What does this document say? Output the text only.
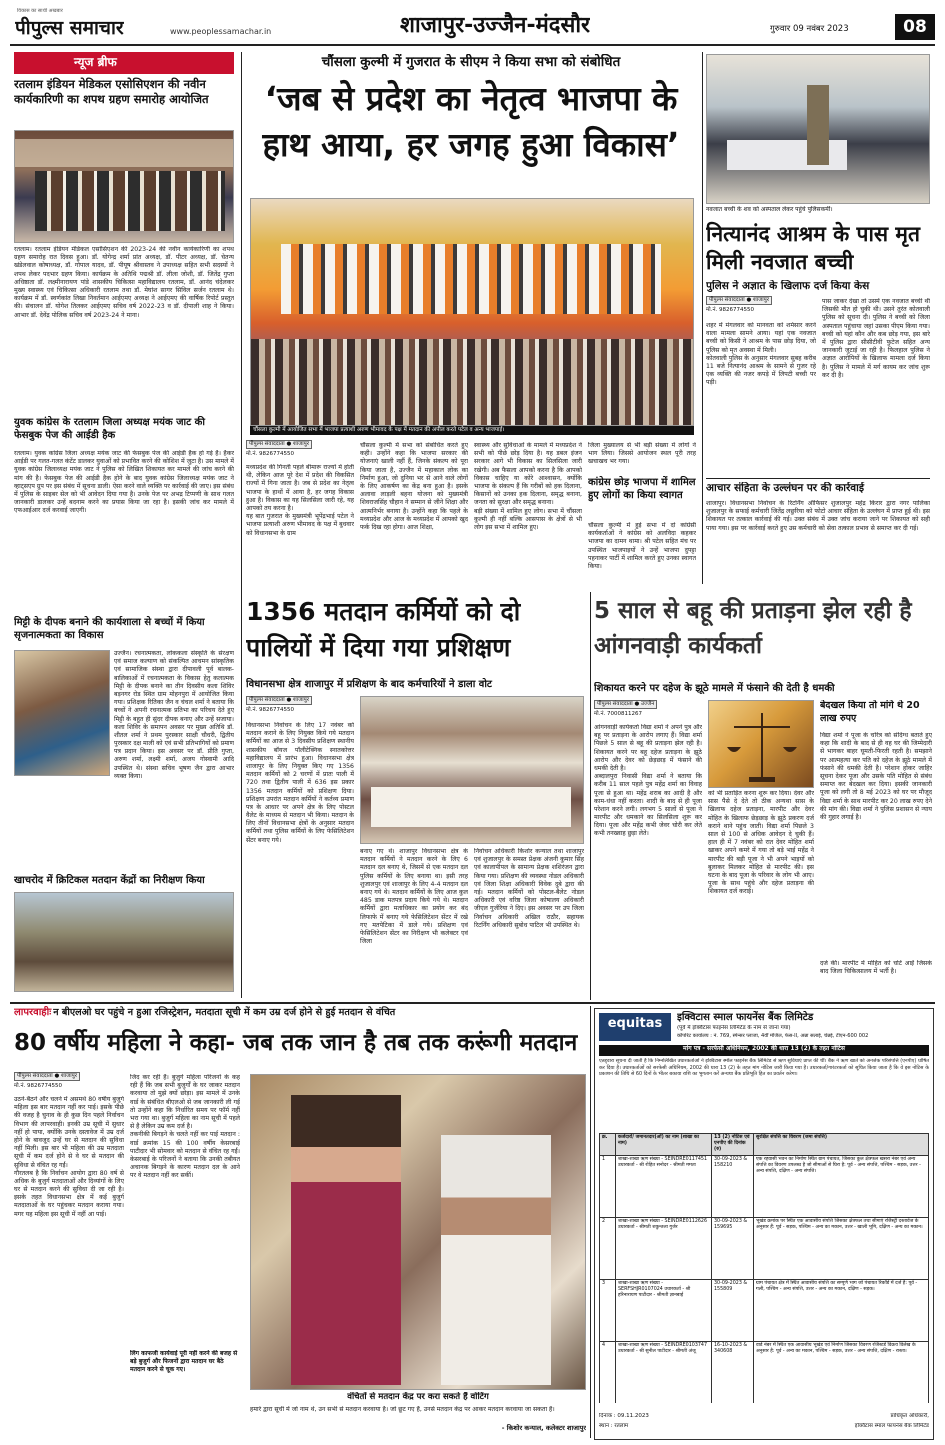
पीपुल्स समाचार
विकास का साथी अखबार
www.peoplessamachar.in	शाजापुर-उज्जैन-मंदसौर	गुरुवार 09 नवंबर 2023	08
न्यूज ब्रीफ
रतलाम इंडियन मेडिकल एसोसिएशन की नवीन कार्यकारिणी का शपथ ग्रहण समारोह आयोजित
रतलाम। रतलाम इंडियन मेडिकल एसोसिएशन की 2023-24 की नवीन कार्यकारिणी का शपथ ग्रहण समारोह रात दिवस हुआ। डॉ. योगेन्द्र शर्मा प्रांत अध्यक्ष, डॉ. पीटर अध्यक्ष, डॉ. चेतन्य खंडेलवाल कोषाध्यक्ष, डॉ. गोपाल यादव, डॉ. पीयूष श्रीवास्तव ने उपाध्यक्ष सहित सभी सदस्यों ने शपथ लेकर पदभार ग्रहण किया। कार्यक्रम के अतिथि पद्मश्री डॉ. लीला जोशी, डॉ. जितेंद्र गुप्ता अधिष्ठाता डॉ. लक्ष्मीनारायण पांडे शासकीय चिकित्सा महाविद्यालय रतलाम, डॉ. आनंद चंदेलकर मुख्य स्वास्थ्य एवं चिकित्सा अधिकारी रतलाम तथा डॉ. मेघांश सागर सिविल सर्जन रतलाम थे। कार्यक्रम में डॉ. स्वर्णकांत लिखा निवर्तमान आईएमए अध्यक्ष ने आईएमए की वार्षिक रिपोर्ट प्रस्तुत की। संचालन डॉ. योगेश तिलकर आईएमए सचिव वर्ष 2022-23 व डॉ. दीपाली शाह ने किया। आभार डॉ. देवेंद्र पोलिक सचिव वर्ष 2023-24 ने माना।
युवक कांग्रेस के रतलाम जिला अध्यक्ष मयंक जाट की फेसबुक पेज की आईडी हैक
रतलाम। युवक कांग्रेस जिला अध्यक्ष मयंक जाट की फेसबुक पेज की आईडी हैक हो गई है। हैकर आईडी पर गलत-गलत कंटेंट डालकर युवाओं को प्रभावित करने की कोशिश में जुटा है। उस मामले में युवक कांग्रेस जिलाध्यक्ष मयंक जाट ने पुलिस को लिखित शिकायत कर मामले की जांच करने की मांग की है। फेसबुक पेज की आईडी हैक होने के बाद युवक कांग्रेस जिलाध्यक्ष मयंक जाट ने व्हाट्सएप ग्रुप पर इस संबंध में सूचना डाली। ऐसा करने वाले व्यक्ति पर कार्रवाई की जाए। इस संबंध में पुलिस के साइबर सेल को भी आवेदन दिया गया है। उनके पेज पर अभद्र टिप्पणी के साथ गलत जानकारी डालकर उन्हें बदनाम करने का प्रयास किया जा रहा है। इसकी जांच कर मामले में एफआईआर दर्ज करवाई जाएगी।
मिट्टी के दीपक बनाने की कार्यशाला से बच्चों में किया सृजनात्मकता का विकास
उज्जैन। रचनात्मकता, लोककला संस्कृति के संरक्षण एवं समाज कल्याण को संकल्पित आचमन सांस्कृतिक एवं सामाजिक संस्था द्वारा दीपावली पूर्व बालक-बालिकाओं में रचनात्मकता के विकास हेतु कलात्मक मिट्टी के दीपक बनाने का तीन दिवसीय कला शिविर बड़नगर रोड स्थित ग्राम मोहनपुरा में आयोजित किया गया। प्रशिक्षक रितिका जैन व चंचल शर्मा ने बताया कि बच्चों ने अपनी रचनात्मक प्रतिभा का परिचय देते हुए मिट्टी के बहुत ही सुंदर दीपक बनाए और उन्हें सजाया। कला शिविर के समापन अवसर पर मुख्य अतिथि डॉ. शीतल शर्मा ने प्रथम पुरस्कार साक्षी चौधरी, द्वितीय पुरस्कार दक्ष माली को एवं सभी प्रतिभागियों को प्रमाण पत्र प्रदान किया। इस अवसर पर डॉ. प्रीति गुप्ता, अरुण शर्मा, लक्ष्मी शर्मा, अजय गोस्वामी आदि उपस्थित थे। संस्था सचिव भूषण जैन द्वारा आभार व्यक्त किया।
खाचरोद में क्रिटिकल मतदान केंद्रों का निरीक्षण किया
चौंसला कुल्मी में गुजरात के सीएम ने किया सभा को संबोधित
‘जब से प्रदेश का नेतृत्व भाजपा के हाथ आया, हर जगह हुआ विकास’
चौंसला कुल्मी में आयोजित सभा में भाजपा प्रत्याशी अरुण भीमावद के पक्ष में मतदान की अपील करते पटेल व अन्य भाजपाई।
पीपुल्स संवाददाता ● शाजापुर
मो.नं. 9826774550
मध्यप्रदेश की गिनती पहले बीमारू राज्यों में होती थी, लेकिन आज पूरे देश में प्रदेश की विकसित राज्यों में गिना जाता है। जब से प्रदेश का नेतृत्व भाजपा के हाथों में आया है, हर जगह विकास हुआ है। विकास का यह सिलसिला जारी रहे, यह आपको तय करना है।
यह बात गुजरात के मुख्यमंत्री भूपेंद्रभाई पटेल ने भाजपा प्रत्याशी अरुण भीमावद के पक्ष में बुधवार को विधानसभा के ग्राम
चौंसला कुल्मी में सभा को संबोधित करते हुए कही। उन्होंने कहा कि भाजपा सरकार की योजनाएं खाली नहीं हैं, जिनके संकल्प को पूरा किया जाता है, उज्जैन में महाकाल लोक का निर्माण हुआ, जो दुनिया भर से आने वाले लोगों के लिए आकर्षण का केंद्र बना हुआ है। इसके अलावा लाड़ली बहना योजना को मुख्यमंत्री शिवराजसिंह चौहान ने सम्मान से जीने शिक्षा और आत्मनिर्भर बनाया है। उन्होंने कहा कि पहले के मध्यप्रदेश और आज के मध्यप्रदेश में आपको खुद फर्क दिख रहा होगा। आज शिक्षा,
स्वास्थ्य और सुविधाओं के मामले में मध्यप्रदेश ने सभी को पीछे छोड़ दिया है। यह डबल इंजन सरकार आगे भी विकास का सिलसिला जारी रखेगी। अब फैसला आपको करना है कि आपको विकास चाहिए या कोरे आश्वासन, क्योंकि भाजपा के संकल्प हैं कि गरीबों को हक दिलाना, किसानों को उनका हक दिलाना, समृद्ध बनाना, जनता को सुरक्षा और समृद्ध बनाना।
बड़ी संख्या में शामिल हुए लोग। सभा में चौंसला कुल्मी ही नहीं बल्कि आसपास के क्षेत्रों से भी लोग इस सभा में शामिल हुए।
जिला मुख्यालय से भी बड़ी संख्या में लोगों ने भाग लिया। जिससे आयोजन स्थल पूरी तरह खचाखच भर गया।
कांग्रेस छोड़ भाजपा में शामिल हुए लोगों का किया स्वागत
चौंसला कुल्मी में हुई सभा में दो कांग्रेसी कार्यकर्ताओं ने कांग्रेस को अलविदा कहकर भाजपा का दामन थामा। श्री पटेल सहित मंच पर उपस्थित भाजपाइयों ने उन्हें भाजपा दुपट्टा पहनाकर पार्टी में शामिल करते हुए उनका स्वागत किया।
नवजात बच्ची के शव को अस्पताल लेकर पहुंचे पुलिसकर्मी।
नित्यानंद आश्रम के पास मृत मिली नवजात बच्ची
पुलिस ने अज्ञात के खिलाफ दर्ज किया केस
पीपुल्स संवाददाता ● शाजापुर
मो.नं. 9826774550
शहर में मंगलवार को मानवता को शर्मसार करने वाला मामला सामने आया। यहां एक नवजात बच्ची को किसी ने आश्रम के पास छोड़ दिया, जो पुलिस को मृत अवस्था में मिली।
कोतवाली पुलिस के अनुसार मंगलवार सुबह करीब 11 बजे नित्यानंद आश्रम के सामने से गुजर रहे एक व्यक्ति की नजर कपड़े में लिपटी बच्ची पर पड़ी।
पास जाकर देखा तो उसमें एक नवजात बच्ची थी जिसकी मौत हो चुकी थी। उसने तुरंत कोतवाली पुलिस को सूचना दी। पुलिस ने बच्ची को जिला अस्पताल पहुंचाया जहां उसका पीएम किया गया। बच्ची को यहां कौन और कब छोड़ गया, इस बारे में पुलिस द्वारा सीसीटीवी फुटेज सहित अन्य जानकारी जुटाई जा रही है। फिलहाल पुलिस ने अज्ञात आरोपियों के खिलाफ मामला दर्ज किया है। पुलिस ने मामले में मर्ग कायम कर जांच शुरू कर दी है।
आचार संहिता के उल्लंघन पर की कार्रवाई
शाजापुर। विधानसभा निर्वाचन के रिटर्निंग ऑफिसर शुजालपुर महेंद्र किरार द्वारा नगर पालिका शुजालपुर के सफाई कर्मचारी जितेंद्र लछुरिया को फोटो आचार संहिता के उल्लंघन में प्राप्त हुई थी। इस शिकायत पर तत्काल कार्रवाई की गई। उक्त संबंध में उक्त जांच कराया जाने पर शिकायत को सही पाया गया। इस पर कार्रवाई करते हुए उस कर्मचारी को सेवा तत्काल प्रभाव से समाप्त कर दी गई।
1356 मतदान कर्मियों को दो पालियों में दिया गया प्रशिक्षण
विधानसभा क्षेत्र शाजापुर में प्रशिक्षण के बाद कर्मचारियों ने डाला वोट
पीपुल्स संवाददाता ● शाजापुर
मो.नं. 9826774550
विधानसभा निर्वाचन के लिए 17 नवंबर को मतदान कराने के लिए नियुक्त किये गये मतदान कर्मियों का आज से 3 दिवसीय प्रशिक्षण स्थानीय शासकीय बॉयज पॉलीटेक्निक स्नातकोत्तर महाविद्यालय में प्रारंभ हुआ। विधानसभा क्षेत्र शाजापुर के लिए नियुक्त किए गए 1356 मतदान कर्मियों को 2 चरणों में प्रातः पाली में 720 तथा द्वितीय पाली में 636 इस प्रकार 1356 मतदान कर्मियों को प्रशिक्षण दिया। प्रशिक्षण उपरांत मतदान कर्मियों ने कर्तव्य प्रमाण पत्र के आधार पर अपने क्षेत्र के लिए पोस्टल वैलेट के माध्यम से मतदान भी किया। मतदान के लिए तीनों विधानसभा क्षेत्रों के अनुसार मतदान कर्मियों तथा पुलिस कर्मियों के लिए फेसिलिटेशन सेंटर बनाए गये।
बनाए गए थे। शाजापुर विधानसभा क्षेत्र के मतदान कर्मियों ने मतदान करने के लिए 6 मतदान दल बनाए थे, जिसमें से एक मतदान दल पुलिस कर्मियों के लिए बनाया था। इसी तरह शुजालपुर एवं शाजापुर के लिए 4-4 मतदान दल बनाए गये थे। मतदान कर्मियों के लिए आज कुल 485 डाक मतपत्र प्रदाय किये गये थे। मतदान कर्मियों द्वारा मताधिकार का प्रयोग कर बंद लिफाफे में बनाए गये फेसिलिटेशन सेंटर में रखे गए मतपेटिका में डाले गये। प्रशिक्षण एवं फेसिलिटेशन सेंटर का निरीक्षण भी कलेक्टर एवं जिला
निर्वाचन अधिकारी किशोर कन्याल तथा शाजापुर एवं शुजालपुर के समस्त प्रेक्षक अंजनी कुमार सिंह एवं कालापीपल के सामान्य प्रेक्षक शशिरंजन द्वारा किया गया। प्रशिक्षण की व्यवस्था नोडल अधिकारी एवं जिला शिक्षा अधिकारी विवेक दुबे द्वारा की गई। मतदान कर्मियों को पोस्टल-बैलेट नोडल अधिकारी एवं वरिष्ठ जिला कोषालय अधिकारी जीएल गुर्जरिया ने दिए। इस अवसर पर उप जिला निर्वाचन अधिकारी अखिल राठौर, सहायक रिटर्निंग अधिकारी सुबोध पाटिल भी उपस्थित थे।
5 साल से बहू की प्रताड़ना झेल रही है आंगनवाड़ी कार्यकर्ता
शिकायत करने पर दहेज के झूठे मामले में फंसाने की देती है धमकी
पीपुल्स संवाददाता ● उज्जैन
मो.नं. 7000811267
आंगनवाड़ी कार्यकर्ता विद्या शर्मा ने अपने पुत्र और बहू पर प्रताड़ना के आरोप लगाए हैं। विद्या शर्मा पिछले 5 साल से बहू की प्रताड़ना झेल रही है। शिकायत करने पर बहू दहेज प्रताड़ना के झूठे आरोप और देवर को छेड़छाड़ में फंसाने की धमकी देती है।
अब्दालपुरा निवासी विद्या शर्मा ने बताया कि करीब 11 साल पहले पुत्र महेंद्र शर्मा का विवाह पूजा से हुआ था। महेंद्र शराब का आदी है और काम-धंधा नहीं करता। शादी के बाद से ही पूजा परेशान करने लगी। लगभग 5 सालों से पूजा ने मारपीट और धमकाने का सिलसिला शुरू कर दिया। पूजा और महेंद्र कभी जेवर चोरी कर लेते कभी तनख्वाह छुड़ा लेते।
को भी प्रताड़ित करना शुरू कर दिया। देवर और सास पैसे दे देते तो ठीक अन्यथा सास के खिलाफ दहेज प्रताड़ना, मारपीट और देवर मोहित के खिलाफ छेड़छाड़ के झूठे प्रकरण दर्ज कराने थाने पहुंच जाती। विद्या शर्मा पिछले 3 साल से 100 से अधिक आवेदन दे चुकी हैं। हाल ही में 7 नवंबर को रात देवर मोहित शर्मा खाकर अपने कमरे में गया तो बड़े भाई महेंद्र ने मारपीट की बड़ी पूजा ने भी अपने भाइयों को बुलाकर मिलकर मोहित से मारपीट की। इस घटना के बाद पूजा के परिवार के लोग भी आए। पूजा के साथ पहुंचे और दहेज प्रताड़ना की शिकायत दर्ज कराई।
बेदखल किया तो मांगे थे 20 लाख रुपए
विद्या शर्मा ने पूजा के चरित्र को संदिग्ध बताते हुए कहा कि शादी के बाद से ही वह घर की जिम्मेदारी से भागकर बाहर घूमती-फिरती रहती है। समझाने पर आत्महत्या कर पति को दहेज के झूठे मामले में फंसाने की धमकी देती है। परेशान होकर जाहिर सूचना देकर पूजा और उसके पति मोहित से संबंध समाप्त कर बेदखल कर दिया। इसकी जानकारी पूजा को लगी तो 8 मई 2023 को घर पर मौजूद विद्या शर्मा के साथ मारपीट कर 20 लाख रुपए देने की मांग की। विद्या शर्मा ने पुलिस प्रशासन से न्याय की गुहार लगाई है।
दर्ज की। मारपीट में मोहित को चोटें आईं जिसके बाद जिला चिकित्सालय में भर्ती है।
लापरवाहीः न बीएलओ घर पहुंचे न हुआ रजिस्ट्रेशन, मतदाता सूची में कम उम्र दर्ज होने से हुई मतदान से वंचित
80 वर्षीय महिला ने कहा- जब तक जान है तब तक करूंगी मतदान
पीपुल्स संवाददाता ● शाजापुर
मो.नं. 9826774550
उठने-बैठने और चलने में असमर्थ 80 वर्षीय बुजुर्ग महिला इस बार मतदान नहीं कर पाई। इसके पीछे की वजह है चुनाव के ही कुछ दिन पहले निर्वाचन विभाग की लापरवाही। इनकी उम्र सूची में सुधार नहीं हो पाया, क्योंकि उनके दस्तावेज में उम्र दर्ज होने के बावजूद उन्हें घर से मतदान की सुविधा नहीं मिली। इस बार भी महिला की उम्र मतदाता सूची में कम दर्ज होने से वे घर से मतदान की सुविधा से वंचित रह गईं।
गौरतलब है कि निर्वाचन आयोग द्वारा 80 वर्ष से अधिक के बुजुर्ग मतदाताओं और दिव्यांगों के लिए घर से मतदान करने की सुविधा दी जा रही है। इसके तहत विधानसभा क्षेत्र में कई बुजुर्ग मतदाताओं के घर पहुंचकर मतदान कराया गया। मगर यह महिला इस सूची में नहीं आ पाई।
जिद कर रही हैं। बुजुर्ग महिला परिजनों के कह रही हैं कि जब सभी बुजुर्गों के घर जाकर मतदान करवाया तो मुझे क्यों छोड़ा। इस मामले में उनके वार्ड के संबंधित बीएलओ से जब जानकारी ली गई तो उन्होंने कहा कि निर्धारित समय पर फॉर्म नहीं भरा गया था। बुजुर्ग महिला का नाम सूची में पहले से है लेकिन उम्र कम दर्ज है।
तकनीकी बिगड़ने के चलते नहीं कर पाई मतदान : वार्ड क्रमांक 15 की 100 वर्षीय केसरबाई पाटीदार भी सोमवार को मतदान से वंचित रह गईं। केसरबाई के परिजनों ने बताया कि उनकी तबीयत अचानक बिगड़ने के कारण मतदान दल के आने पर वे मतदान नहीं कर सकीं।
लिंग काफजी कार्यवाई पूरी नहीं करने की बजह से बड़े बुजुर्ग और फिजनों द्वारा मतदान घर बैठे मतदान करने से चूक गए।
वंचितों से मतदान केंद्र पर करा सकते हैं वोटिंग
हमारे द्वारा सूची में जो नाम थे, उन सभी से मतदान करवाया है। जो छूट गए हैं, उनसे मतदान केंद्र पर आकर मतदान करवाया जा सकता है।
- किशोर कन्याल, कलेक्टर शाजापुर
equitas	इक्विटास स्माल फायनेंस बैंक लिमिटेड
(पूर्व में इक्विटास फाइनेंस लिमिटेड के नाम से जाना गया)
कॉर्पोरेट कार्यालय : नं. 769, स्पेन्सर प्लाजा, 4वीं मंजिल, फेस-II, अन्ना सलाई, चेन्नई, टीएन-600 002
मांग पत्र - सरफेसी अधिनियम, 2002 की धारा 13 (2) के तहत नोटिस
एतद्द्वारा सूचना दी जाती है कि निम्नलिखित उधारकर्ताओं ने इक्विटास स्मॉल फाइनेंस बैंक लिमिटेड से ऋण सुविधाएं प्राप्त की थीं। बैंक ने ऋण खाते को अनर्जक परिसंपत्ति (एनपीए) घोषित कर दिया है। उधारकर्ताओं को सरफेसी अधिनियम, 2002 की धारा 13 (2) के तहत मांग नोटिस जारी किया गया है। उधारकर्ता/गारंटरकर्ता को सूचित किया जाता है कि वे इस नोटिस के प्रकाशन की तिथि से 60 दिनों के भीतर बकाया राशि का भुगतान करें अन्यथा बैंक प्रतिभूति हित का प्रवर्तन करेगा।
क्र.	कर्जदारों/ जमानतदार(ओं) का नाम (शाखा का नाम)	13 (2) नोटिस एवं एनपीए की दिनांक (रु)	सुरक्षित संपत्ति का विवरण (जमा संपत्ति)
1	शाखा-शाखा ऋण संख्या - SEINDRE0117451 उधारकर्ता - श्री रोहित सनोदर - श्रीमती ममता	30-09-2023 & 158210	एक रहवासी भवन का निर्माण स्थित ग्राम पंचायत, जिसका कुल क्षेत्रफल खसरा नंबर एवं अन्य संपत्ति का विवरण उपलब्ध है जो सीमाओं से घिरा है: पूर्व - अन्य संपत्ति, पश्चिम - सड़क, उत्तर - अन्य संपत्ति, दक्षिण - अन्य संपत्ति।
2	शाखा-शाखा ऋण संख्या - SEINDRE0112626 उधारकर्ता - श्रीमती शकुन्तला गुर्जर	30-09-2023 & 159695	भूखंड क्रमांक पर स्थित एक आवासीय संपत्ति जिसका क्षेत्रफल तथा सीमाएं रजिस्ट्री दस्तावेज के अनुसार हैं: पूर्व - सड़क, पश्चिम - अन्य का मकान, उत्तर - खाली भूमि, दक्षिण - अन्य का मकान।
3	शाखा-शाखा ऋण संख्या - SERFSHJR0107024 उधारकर्ता - श्री हरिनारायण पाटीदार - श्रीमती ज्ञानबाई	30-09-2023 & 155809	ग्राम पंचायत क्षेत्र में स्थित आवासीय संपत्ति का सम्पूर्ण भाग जो पंचायत रिकॉर्ड में दर्ज है: पूर्व - गली, पश्चिम - अन्य संपत्ति, उत्तर - अन्य का मकान, दक्षिण - सड़क।
4	शाखा-शाखा ऋण संख्या - SEINDRE0103747 उधारकर्ता - श्री सुनील पाटीदार - श्रीमती अंजू	16-10-2023 & 340608	वार्ड नंबर में स्थित एक आवासीय भूखंड एवं निर्माण जिसका विवरण रजिस्टर्ड विक्रय विलेख के अनुसार है: पूर्व - अन्य का मकान, पश्चिम - सड़क, उत्तर - अन्य संपत्ति, दक्षिण - रास्ता।
दिनांक : 09.11.2023
स्थान : रतलाम
प्राधिकृत अधिकारी,
इक्विटास स्माल फायनेंस बैंक लिमिटेड
